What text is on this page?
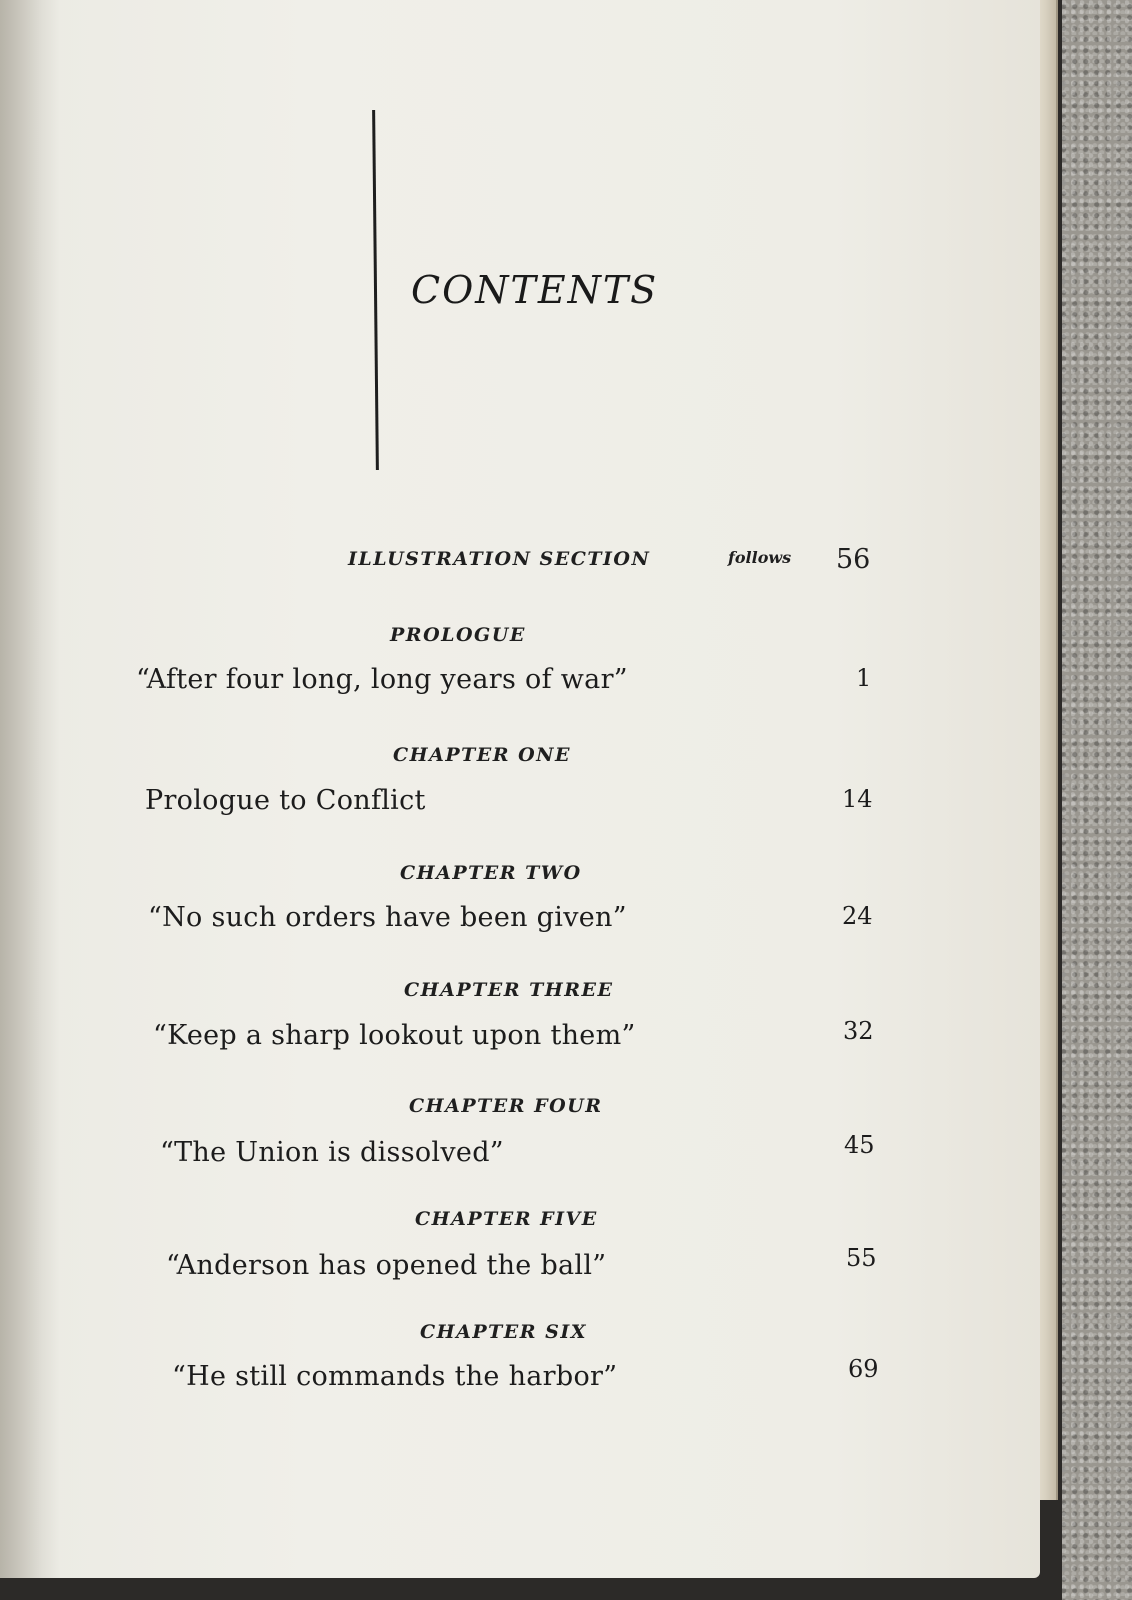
CONTENTS
ILLUSTRATION SECTION	follows 56
PROLOGUE
“After four long, long years of war”	1
CHAPTER ONE
Prologue to Conflict	14
CHAPTER TWO
“No such orders have been given”	24
CHAPTER THREE
“Keep a sharp lookout upon them”	32
CHAPTER FOUR
“The Union is dissolved”	45
CHAPTER FIVE
“Anderson has opened the ball”	55
CHAPTER SIX
“He still commands the harbor”	69
